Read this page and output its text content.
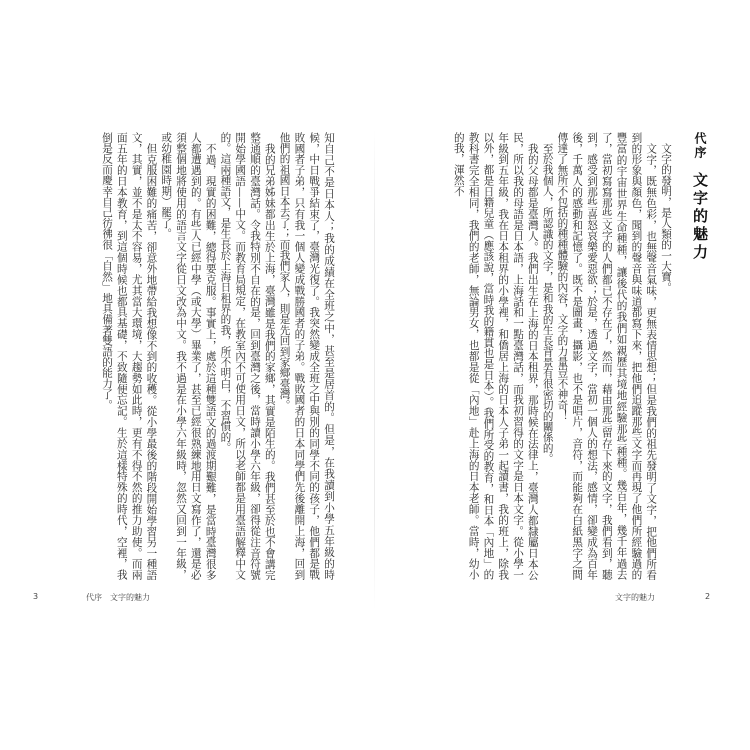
知自己不是日本人；我的成績在全班之中，甚至是居首的。但是，在我讀到小學五年級的時候，中日戰爭結束了，臺灣光復了。我突然變成全班之中與別的同學不同的孩子，他們都是戰敗國者子弟，只有我一個人變成戰勝國者的子弟。戰敗國者的日本同學們先後離開上海，回到他們的祖國日本去了；而我們家人，則是先回到家鄉臺灣。

我的兄弟姊妹都出生於上海，臺灣雖是我們的家鄉，其實是陌生的。我們甚至於也不會講完整通順的臺灣話。令我特別不自在的是，回到臺灣之後，當時讀小學六年級，卻得從注音符號開始學國語——中文。而教育局規定，在教室內不可使用日文，所以老師都是用臺語解釋中文的。這兩種語文，是生長於上海日租界的我，所不明白，不習慣的。

不過，現實的困難，總得要克服。事實上，處於這種雙語文的過渡期艱難，是當時臺灣很多人都遭遇到的。有些人已經中學（或大學）畢業了，甚至已經很熟練地用日文寫作了，還是必須整個地將使用的語言文字從日文改為中文。我不過是在小學六年級時，忽然又回到一年級，或幼稚園時期）罷了。

但克服困難的痛苦，卻意外地帶給我想像不到的收穫。從小學最後的階段開始學習另一種語文，其實，並不是太不容易，尤其當大環境，大趨勢如此時，更有不得不然的推力助使。而兩面五年的日本教育，到這個時候也都具基礎，不致隨便忘記。生於這樣特殊的時代，空裡，我倒是反而慶幸自己彷彿很「自然」地具備著雙語的能力了。

3	代序　文字的魅力
代序 文字的魅力

文字的發明，是人類的一大寶。

文字，既無色彩，也無聲音氣味，更無表情思想；但是我們的祖先發明了文字，把他們所看到的形象與顏色，聞到的聲音與味道都寫下來，把他們追蹤那些文字而再現了他們所經驗過的豐富的宇宙世界生命種種，讓後代的我們如親歷其境地經驗那些種種。幾百年，幾千年過去了，當初寫寫那些文字的人們都已不存在了，然而，藉由那些留存下來的文字，我們看到，聽到，感受到那些喜怒哀樂愛惡欲；於是，透過文字，當初一個人的想法，感情，卻變成為百年後，千萬人的感動和記憶了。既不是圖畫，攝影，也不是唱片，音符，而能夠在白紙黑字之間傳達了無所不包括的種種體驗的內容，文字的力量豈不神奇！

至於我個人，所認識的文字，是和我的生長背景有很密切的關係的。

我的父母都是臺灣人。我們出生在上海的日本租界，那時候在法律上，臺灣人都隸屬日本公民，所以我的母語是日本語，上海話和一點臺灣話，而我初習得的文字是日本文字。從小學一年級到五年級，我在日本租界的小學裡，和僑居上海的日本人子弟一起讀書，我的班上，除我以外，都是日籍兒童（應該說，當時我的籍貫也是日本）。我們所受的教育，和日本「內地」的教科書完全相同，我們的老師，無論男女，也都是從「內地」赴上海的日本老師。當時，幼小的我，渾然不

文字的魅力	2
